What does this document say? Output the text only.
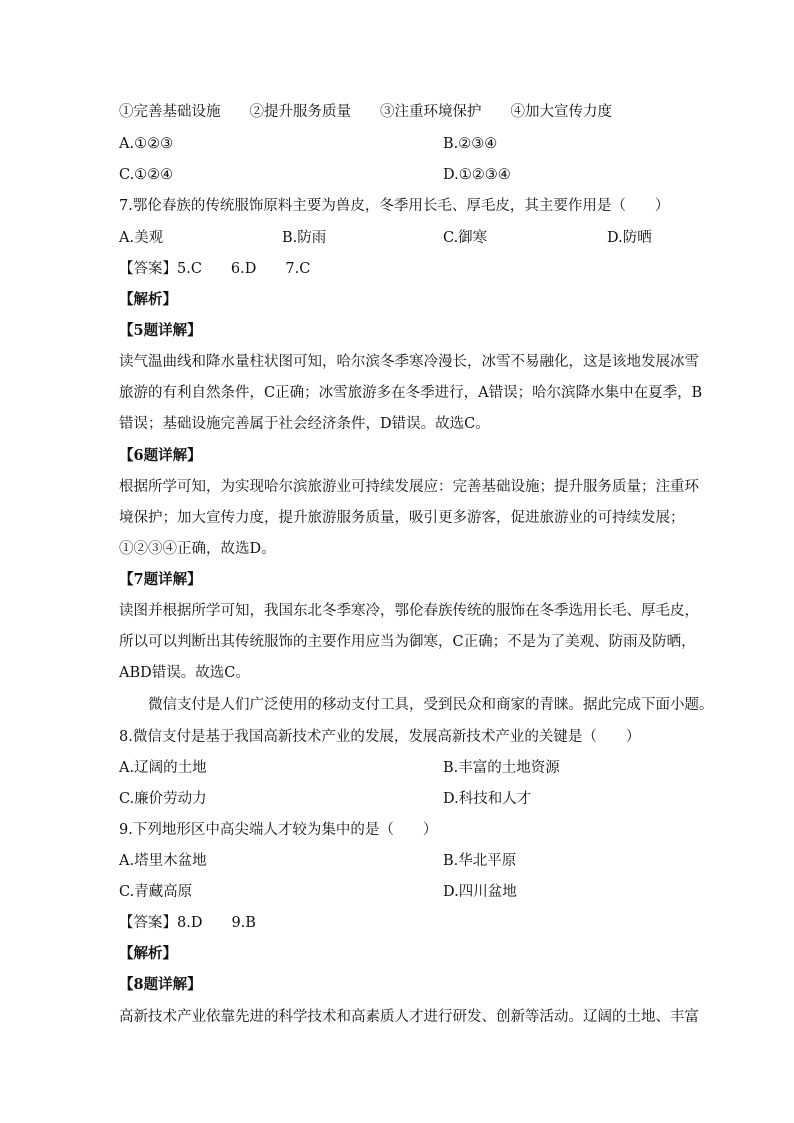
①完善基础设施　　②提升服务质量　　③注重环境保护　　④加大宣传力度
A.①②③	B.②③④
C.①②④	D.①②③④
7.鄂伦春族的传统服饰原料主要为兽皮，冬季用长毛、厚毛皮，其主要作用是（　　）
A.美观	B.防雨	C.御寒	D.防晒
【答案】5.C　　6.D　　7.C
【解析】
【5题详解】
读气温曲线和降水量柱状图可知，哈尔滨冬季寒冷漫长，冰雪不易融化，这是该地发展冰雪
旅游的有利自然条件，C正确；冰雪旅游多在冬季进行，A错误；哈尔滨降水集中在夏季，B
错误；基础设施完善属于社会经济条件，D错误。故选C。
【6题详解】
根据所学可知，为实现哈尔滨旅游业可持续发展应：完善基础设施；提升服务质量；注重环
境保护；加大宣传力度，提升旅游服务质量，吸引更多游客，促进旅游业的可持续发展；
①②③④正确，故选D。
【7题详解】
读图并根据所学可知，我国东北冬季寒冷，鄂伦春族传统的服饰在冬季选用长毛、厚毛皮，
所以可以判断出其传统服饰的主要作用应当为御寒，C正确；不是为了美观、防雨及防晒，
ABD错误。故选C。
微信支付是人们广泛使用的移动支付工具，受到民众和商家的青睐。据此完成下面小题。
8.微信支付是基于我国高新技术产业的发展，发展高新技术产业的关键是（　　）
A.辽阔的土地	B.丰富的土地资源
C.廉价劳动力	D.科技和人才
9.下列地形区中高尖端人才较为集中的是（　　）
A.塔里木盆地	B.华北平原
C.青藏高原	D.四川盆地
【答案】8.D　　9.B
【解析】
【8题详解】
高新技术产业依靠先进的科学技术和高素质人才进行研发、创新等活动。辽阔的土地、丰富
